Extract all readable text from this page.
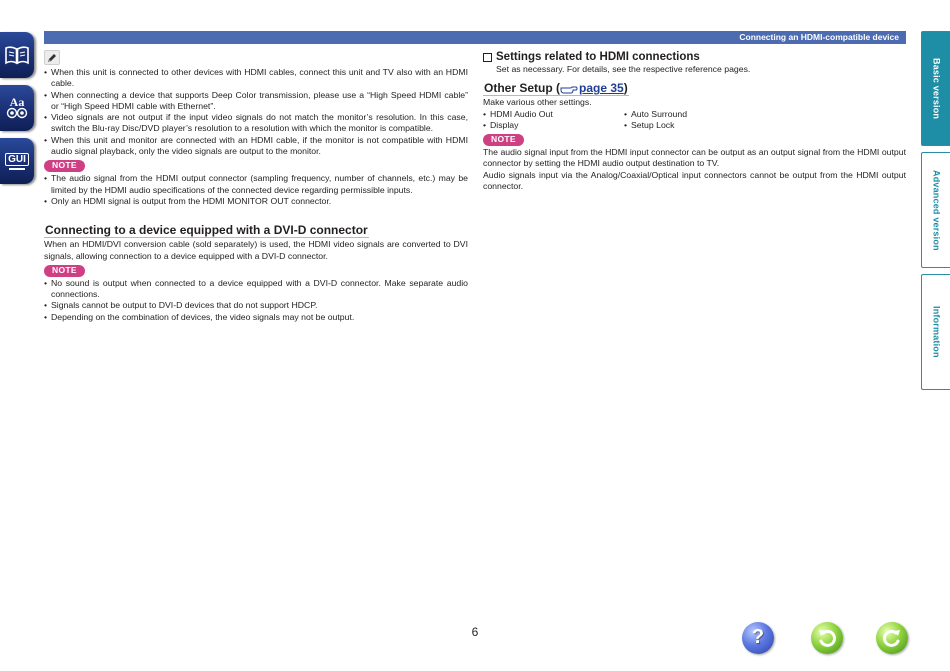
Aa
GUI
Connecting an HDMI-compatible device
Basic version
Advanced version
Information
• When this unit is connected to other devices with HDMI cables, connect this unit and TV also with an HDMI cable.
• When connecting a device that supports Deep Color transmission, please use a “High Speed HDMI cable” or “High Speed HDMI cable with Ethernet”.
• Video signals are not output if the input video signals do not match the monitor’s resolution. In this case, switch the Blu-ray Disc/DVD player’s resolution to a resolution with which the monitor is compatible.
• When this unit and monitor are connected with an HDMI cable, if the monitor is not compatible with HDMI audio signal playback, only the video signals are output to the monitor.
NOTE
• The audio signal from the HDMI output connector (sampling frequency, number of channels, etc.) may be limited by the HDMI audio specifications of the connected device regarding permissible inputs.
• Only an HDMI signal is output from the HDMI MONITOR OUT connector.
Connecting to a device equipped with a DVI-D connector

When an HDMI/DVI conversion cable (sold separately) is used, the HDMI video signals are converted to DVI signals, allowing connection to a device equipped with a DVI-D connector.

NOTE
• No sound is output when connected to a device equipped with a DVI-D connector. Make separate audio connections.
• Signals cannot be output to DVI-D devices that do not support HDCP.
• Depending on the combination of devices, the video signals may not be output.
Settings related to HDMI connections

Set as necessary. For details, see the respective reference pages.

Other Setup ( page 35)

Make various other settings.

• HDMI Audio Out
• Display
• Auto Surround
• Setup Lock
NOTE

The audio signal input from the HDMI input connector can be output as an output signal from the HDMI output connector by setting the HDMI audio output destination to TV.

Audio signals input via the Analog/Coaxial/Optical input connectors cannot be output from the HDMI output connector.

6	?
